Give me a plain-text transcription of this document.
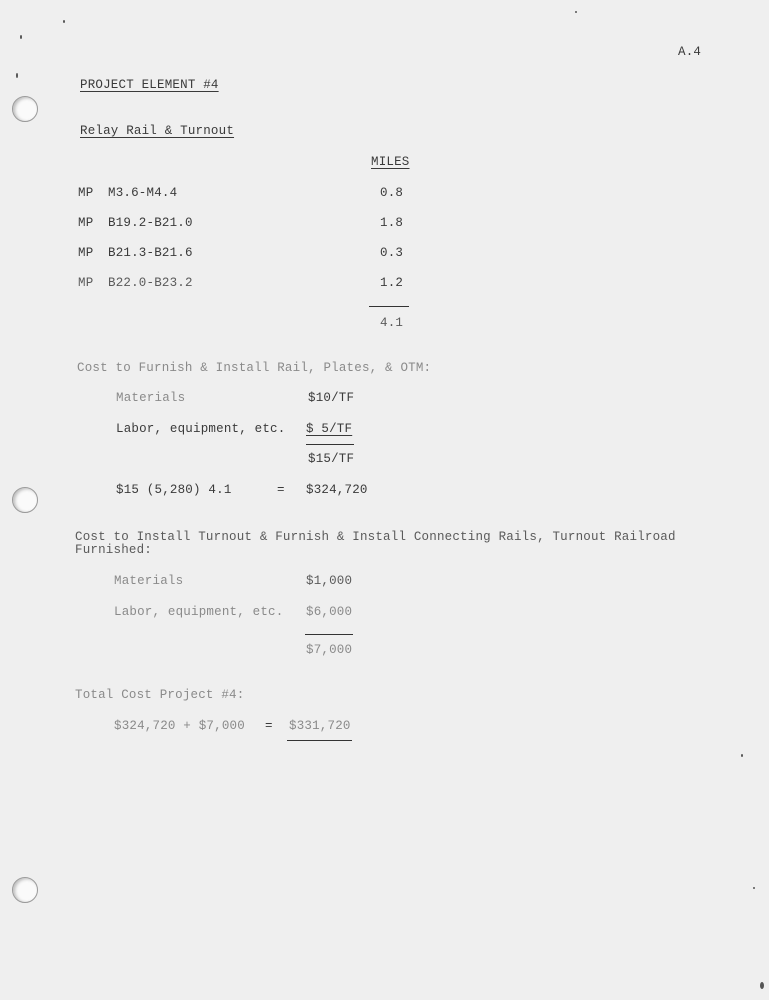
A.4
PROJECT ELEMENT #4
Relay Rail & Turnout
MILES
MP M3.6-M4.4	0.8
MP B19.2-B21.0	1.8
MP B21.3-B21.6	0.3
MP B22.0-B23.2	1.2
4.1
Cost to Furnish & Install Rail, Plates, & OTM:
Materials	$10/TF
Labor, equipment, etc. $ 5/TF
$15/TF
$15 (5,280) 4.1	= $324,720
Cost to Install Turnout & Furnish & Install Connecting Rails, Turnout Railroad
Furnished:
Materials	$1,000
Labor, equipment, etc. $6,000
$7,000
Total Cost Project #4:
$324,720 + $7,000 = $331,720
